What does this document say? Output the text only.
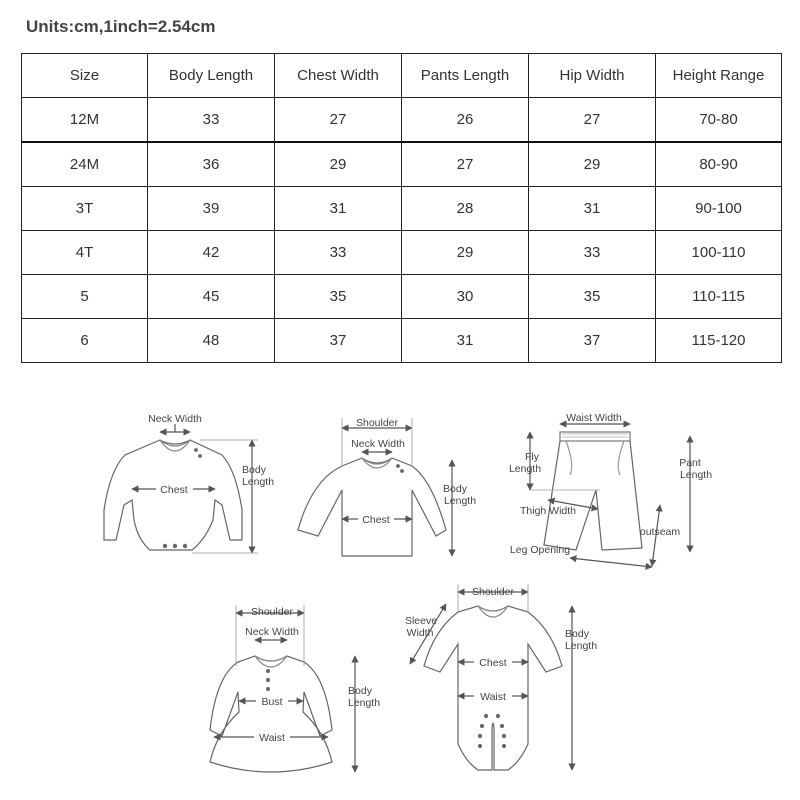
Units:cm,1inch=2.54cm
Size	Body Length	Chest Width	Pants Length	Hip Width	Height Range
12M	33	27	26	27	70-80
24M	36	29	27	29	80-90
3T	39	31	28	31	90-100
4T	42	33	29	33	100-110
5	45	35	30	35	110-115
6	48	37	31	37	115-120
Neck Width
Chest
Body
Length
Shoulder
Neck Width
Chest
Body
Length
Waist Width
Fly
Length	Pant
Length
Thigh Width
outseam
Leg Opening
Shoulder
Neck Width
Bust
Waist
Body
Length
Shoulder
Sleeve
Width
Chest
Waist
Body
Length
